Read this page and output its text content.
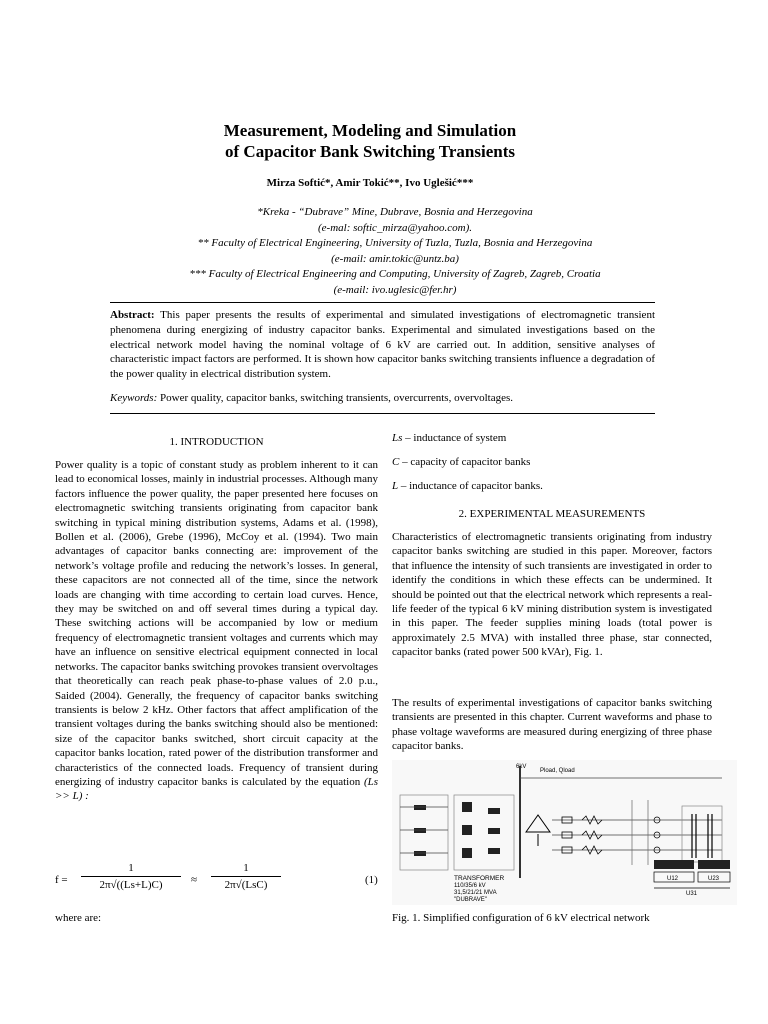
Measurement, Modeling and Simulation
of Capacitor Bank Switching Transients
Mirza Softić*, Amir Tokić**, Ivo Uglešić***
*Kreka - “Dubrave” Mine, Dubrave, Bosnia and Herzegovina
(e-mal: softic_mirza@yahoo.com).
** Faculty of Electrical Engineering, University of Tuzla, Tuzla, Bosnia and Herzegovina
(e-mail: amir.tokic@untz.ba)
*** Faculty of Electrical Engineering and Computing, University of Zagreb, Zagreb, Croatia
(e-mail: ivo.uglesic@fer.hr)
Abstract: This paper presents the results of experimental and simulated investigations of electromagnetic transient phenomena during energizing of industry capacitor banks. Experimental and simulated investigations based on the electrical network model having the nominal voltage of 6 kV are carried out. In addition, sensitive analyses of characteristic impact factors are performed. It is shown how capacitor banks switching transients influence a degradation of the power quality in electrical distribution system.
Keywords: Power quality, capacitor banks, switching transients, overcurrents, overvoltages.
1. INTRODUCTION
Power quality is a topic of constant study as problem inherent to it can lead to economical losses, mainly in industrial processes. Although many factors influence the power quality, the paper presented here focuses on electromagnetic switching transients originating from capacitor bank switching in typical mining distribution systems, Adams et al. (1998), Bollen et al. (2006), Grebe (1996), McCoy et al. (1994). Two main advantages of capacitor banks connecting are: improvement of the network’s voltage profile and reducing the network’s losses. In general, these capacitors are not connected all of the time, since the network loads are changing with time according to certain load curves. Hence, they may be switched on and off several times during a typical day. These switching actions will be accompanied by low or medium frequency of electromagnetic transient voltages and currents which may have an influence on sensitive electrical equipment connected in local networks. The capacitor banks switching provokes transient overvoltages that theoretically can reach peak phase-to-phase values of 2.0 p.u., Saided (2004). Generally, the frequency of capacitor banks switching transients is below 2 kHz. Other factors that affect amplification of the transient voltages during the banks switching should also be mentioned: size of the capacitor banks switched, short circuit capacity at the capacitor banks location, rated power of the distribution transformer and characteristics of the connected loads. Frequency of transient during energizing of industry capacitor banks is calculated by the equation (Ls >> L) :
f =
1
2π√((Ls+L)C)	≈
1
2π√(LsC)	(1)
where are:
Ls – inductance of system
C – capacity of capacitor banks
L – inductance of capacitor banks.
2. EXPERIMENTAL MEASUREMENTS
Characteristics of electromagnetic transients originating from industry capacitor banks switching are studied in this paper. Moreover, factors that influence the intensity of such transients are investigated in order to identify the conditions in which these effects can be undermined. It should be pointed out that the electrical network which represents a real-life feeder of the typical 6 kV mining distribution system is investigated in this paper. The feeder supplies mining loads (total power is approximately 2.5 MVA) with installed three phase, star connected, capacitor banks (rated power 500 kVAr), Fig. 1.
The results of experimental investigations of capacitor banks switching transients are presented in this chapter. Current waveforms and phase to phase voltage waveforms are measured during energizing of three phase capacitor banks.
6kV
Pload, Qload
U12	U23
U31
TRANSFORMER
110/35/6 kV
31,5/21/21 MVA
"DUBRAVE"
Fig. 1. Simplified configuration of 6 kV electrical network
